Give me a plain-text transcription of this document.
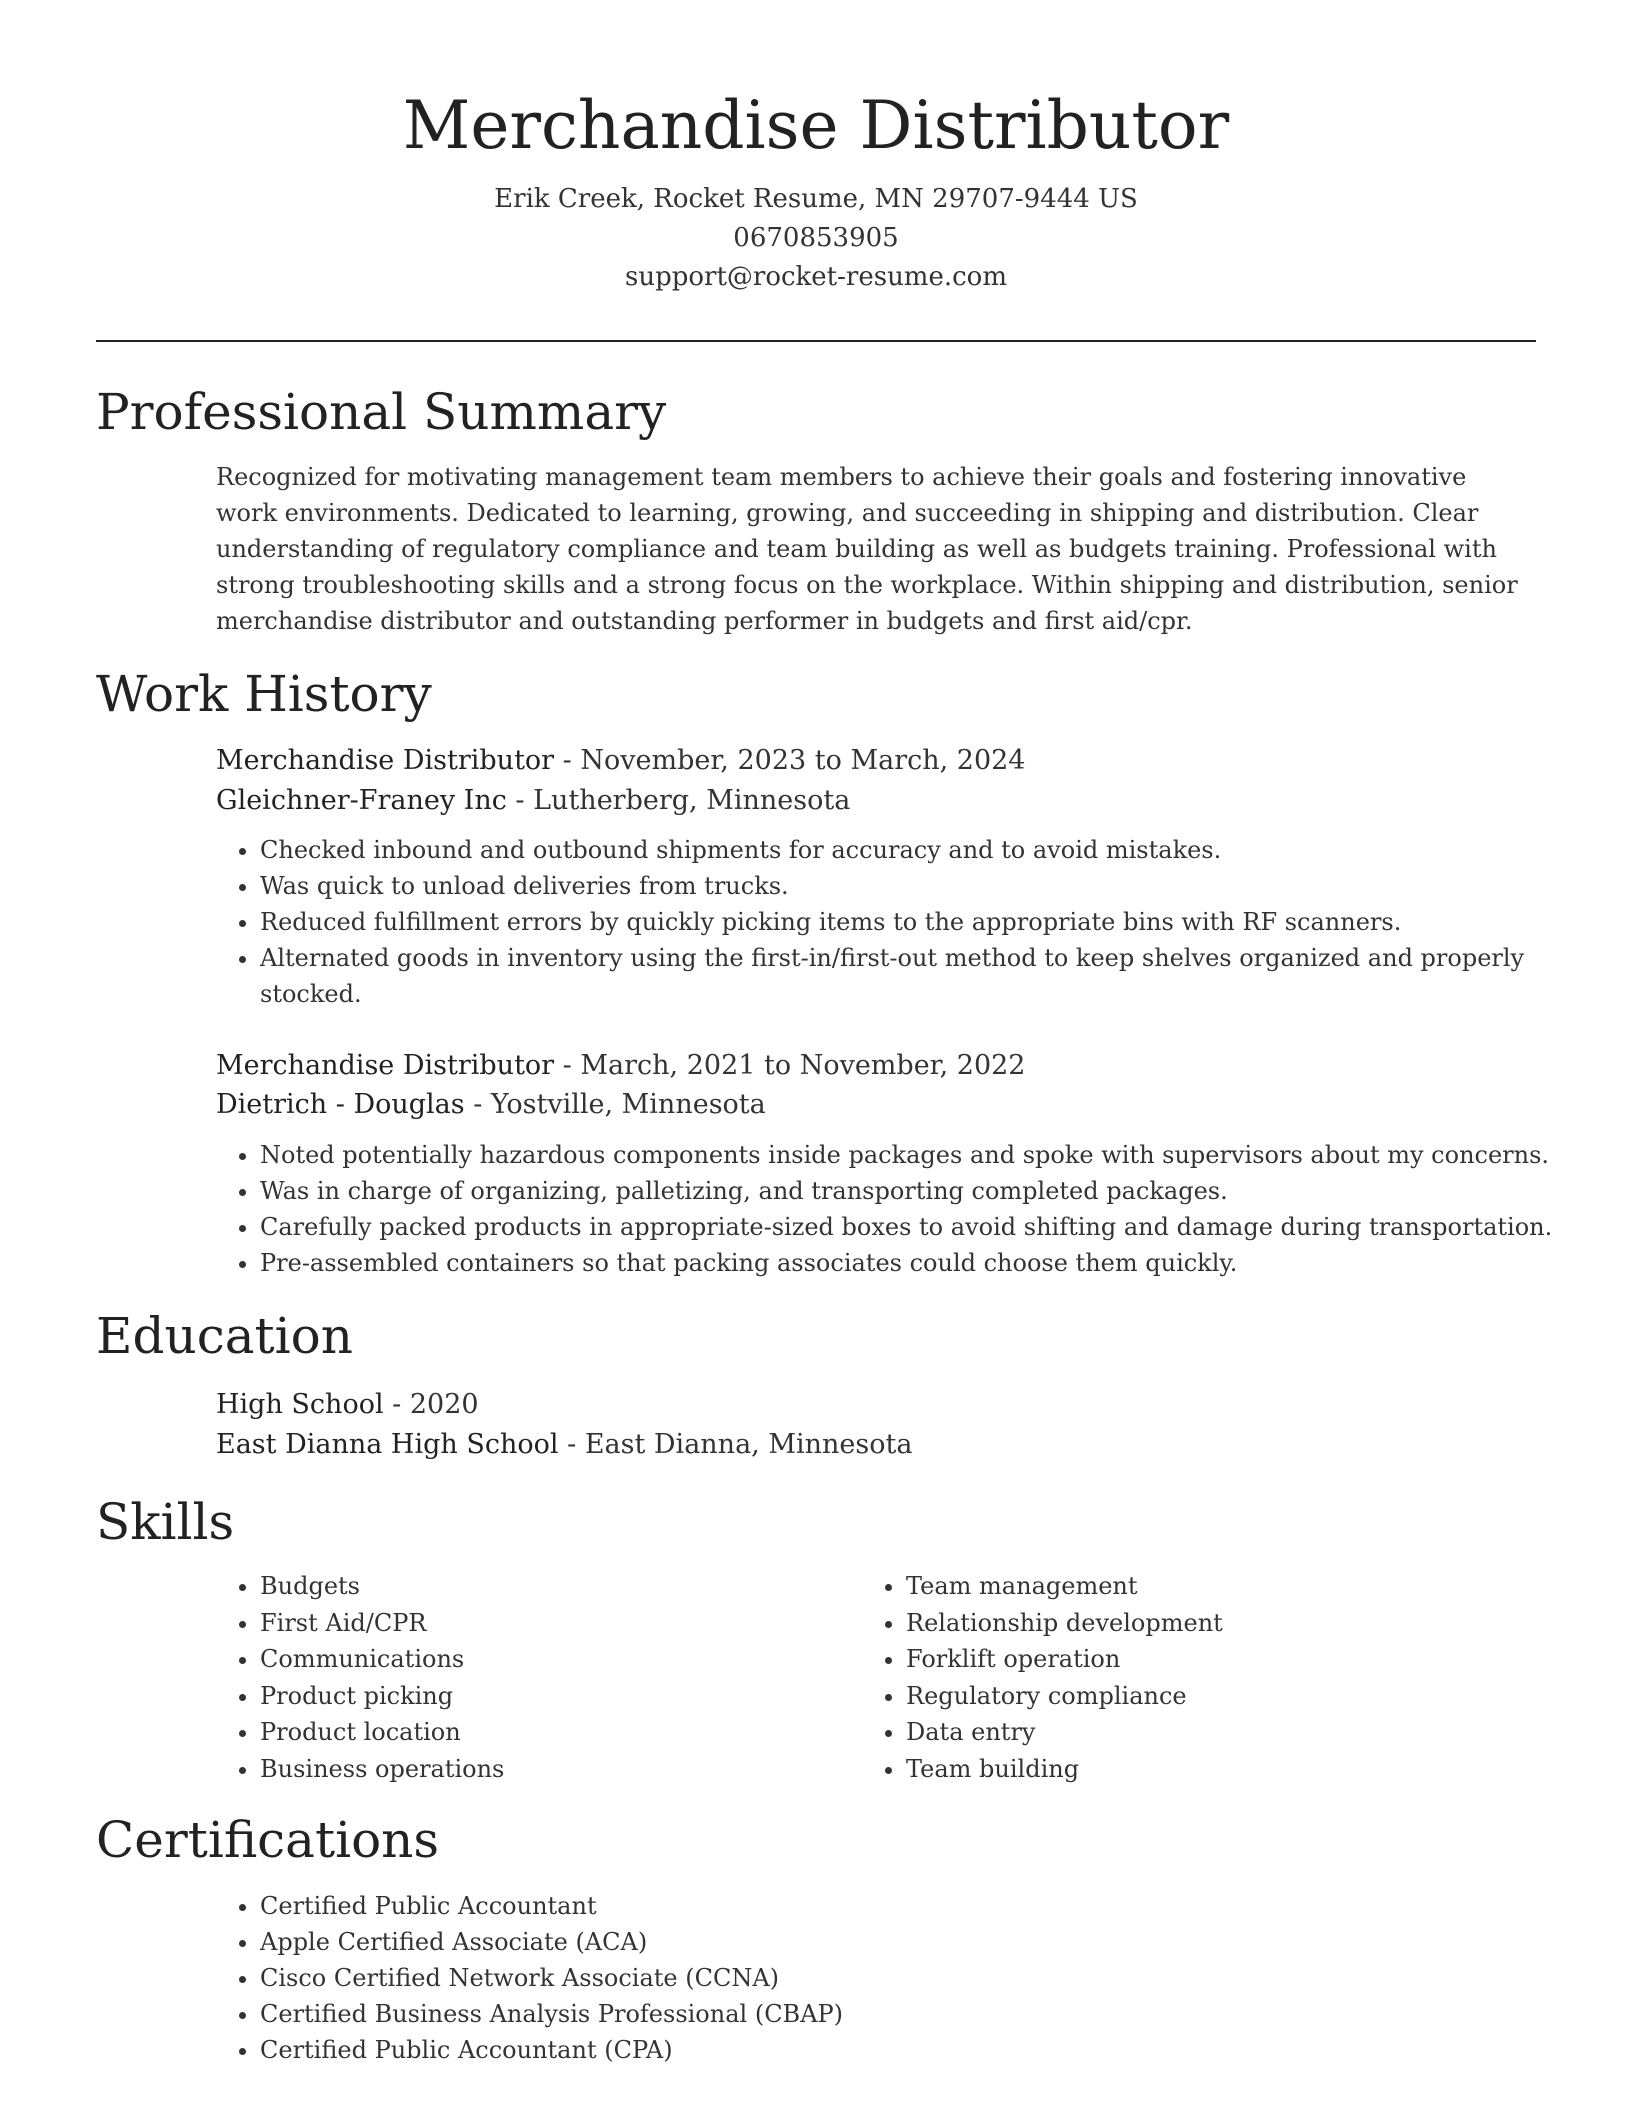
Merchandise Distributor
Erik Creek, Rocket Resume, MN 29707-9444 US
0670853905
support@rocket-resume.com
Professional Summary
Recognized for motivating management team members to achieve their goals and fostering innovative work environments. Dedicated to learning, growing, and succeeding in shipping and distribution. Clear understanding of regulatory compliance and team building as well as budgets training. Professional with strong troubleshooting skills and a strong focus on the workplace. Within shipping and distribution, senior merchandise distributor and outstanding performer in budgets and first aid/cpr.
Work History
Merchandise Distributor - November, 2023 to March, 2024
Gleichner-Franey Inc - Lutherberg, Minnesota
• Checked inbound and outbound shipments for accuracy and to avoid mistakes.
• Was quick to unload deliveries from trucks.
• Reduced fulfillment errors by quickly picking items to the appropriate bins with RF scanners.
• Alternated goods in inventory using the first-in/first-out method to keep shelves organized and properly stocked.
Merchandise Distributor - March, 2021 to November, 2022
Dietrich - Douglas - Yostville, Minnesota
• Noted potentially hazardous components inside packages and spoke with supervisors about my concerns.
• Was in charge of organizing, palletizing, and transporting completed packages.
• Carefully packed products in appropriate-sized boxes to avoid shifting and damage during transportation.
• Pre-assembled containers so that packing associates could choose them quickly.
Education
High School - 2020
East Dianna High School - East Dianna, Minnesota
Skills
• Budgets
• First Aid/CPR
• Communications
• Product picking
• Product location
• Business operations
• Team management
• Relationship development
• Forklift operation
• Regulatory compliance
• Data entry
• Team building
Certifications
• Certified Public Accountant
• Apple Certified Associate (ACA)
• Cisco Certified Network Associate (CCNA)
• Certified Business Analysis Professional (CBAP)
• Certified Public Accountant (CPA)
